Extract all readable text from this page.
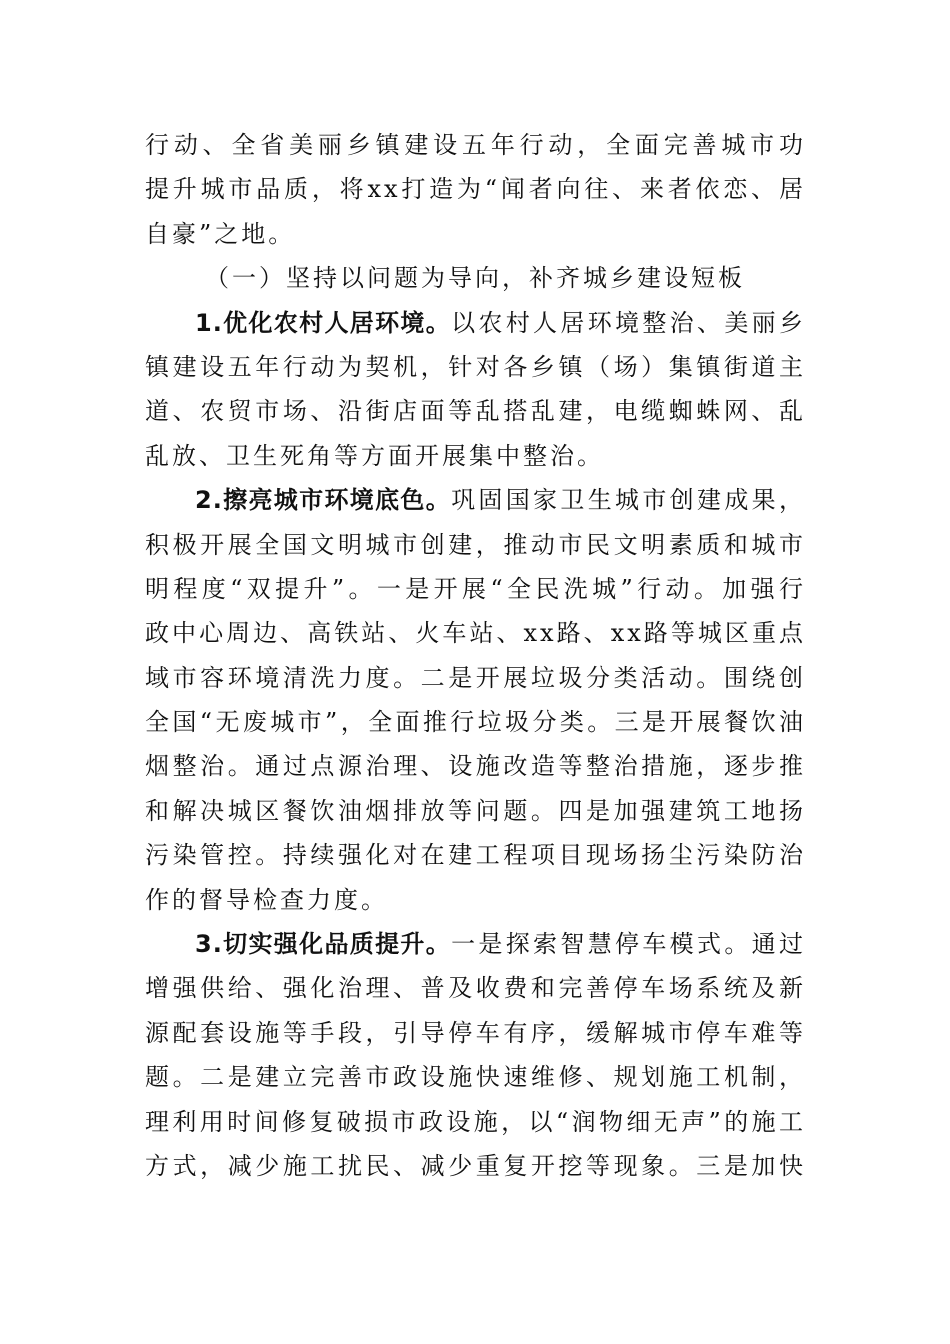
行动、全省美丽乡镇建设五年行动，全面完善城市功
提升城市品质，将xx打造为“闻者向往、来者依恋、居
自豪”之地。
（一）坚持以问题为导向，补齐城乡建设短板
1.优化农村人居环境。以农村人居环境整治、美丽乡
镇建设五年行动为契机，针对各乡镇（场）集镇街道主
道、农贸市场、沿街店面等乱搭乱建，电缆蜘蛛网、乱
乱放、卫生死角等方面开展集中整治。
2.擦亮城市环境底色。巩固国家卫生城市创建成果，
积极开展全国文明城市创建，推动市民文明素质和城市
明程度“双提升”。一是开展“全民洗城”行动。加强行
政中心周边、高铁站、火车站、xx路、xx路等城区重点
域市容环境清洗力度。二是开展垃圾分类活动。围绕创
全国“无废城市”，全面推行垃圾分类。三是开展餐饮油
烟整治。通过点源治理、设施改造等整治措施，逐步推
和解决城区餐饮油烟排放等问题。四是加强建筑工地扬
污染管控。持续强化对在建工程项目现场扬尘污染防治
作的督导检查力度。
3.切实强化品质提升。一是探索智慧停车模式。通过
增强供给、强化治理、普及收费和完善停车场系统及新
源配套设施等手段，引导停车有序，缓解城市停车难等
题。二是建立完善市政设施快速维修、规划施工机制，
理利用时间修复破损市政设施，以“润物细无声”的施工
方式，减少施工扰民、减少重复开挖等现象。三是加快
